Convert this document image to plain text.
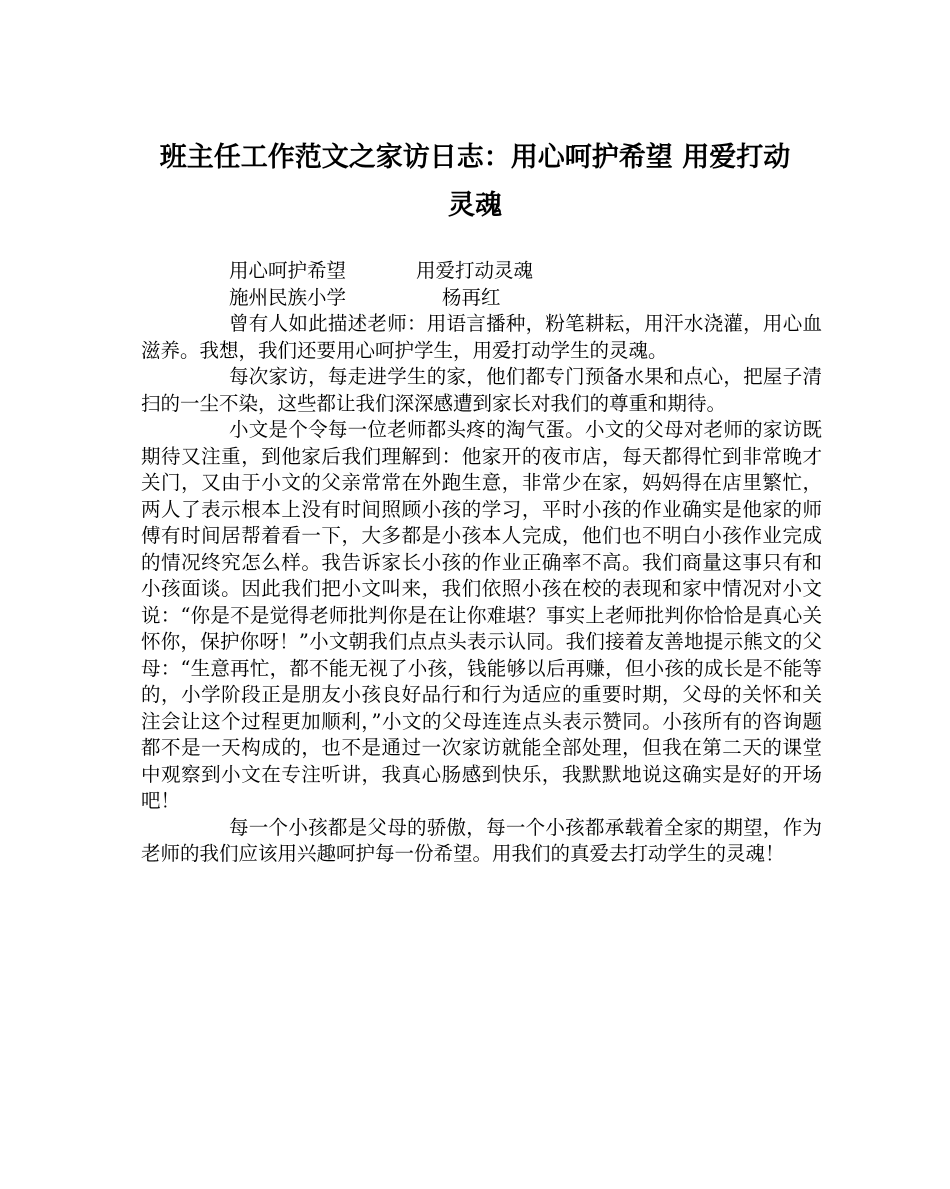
班主任工作范文之家访日志：用心呵护希望 用爱打动
灵魂

用心呵护希望	用爱打动灵魂

施州民族小学	杨再红

曾有人如此描述老师：用语言播种，粉笔耕耘，用汗水浇灌，用心血滋养。我想，我们还要用心呵护学生，用爱打动学生的灵魂。

每次家访，每走进学生的家，他们都专门预备水果和点心，把屋子清扫的一尘不染，这些都让我们深深感遭到家长对我们的尊重和期待。

小文是个令每一位老师都头疼的淘气蛋。小文的父母对老师的家访既期待又注重，到他家后我们理解到：他家开的夜市店，每天都得忙到非常晚才关门，又由于小文的父亲常常在外跑生意，非常少在家，妈妈得在店里繁忙，两人了表示根本上没有时间照顾小孩的学习，平时小孩的作业确实是他家的师傅有时间居帮着看一下，大多都是小孩本人完成，他们也不明白小孩作业完成的情况终究怎么样。我告诉家长小孩的作业正确率不高。我们商量这事只有和小孩面谈。因此我们把小文叫来，我们依照小孩在校的表现和家中情况对小文说：“你是不是觉得老师批判你是在让你难堪？事实上老师批判你恰恰是真心关怀你，保护你呀！”小文朝我们点点头表示认同。我们接着友善地提示熊文的父母：“生意再忙，都不能无视了小孩，钱能够以后再赚，但小孩的成长是不能等的，小学阶段正是朋友小孩良好品行和行为适应的重要时期，父母的关怀和关注会让这个过程更加顺利，”小文的父母连连点头表示赞同。小孩所有的咨询题都不是一天构成的，也不是通过一次家访就能全部处理，但我在第二天的课堂中观察到小文在专注听讲，我真心肠感到快乐，我默默地说这确实是好的开场吧！

每一个小孩都是父母的骄傲，每一个小孩都承载着全家的期望，作为老师的我们应该用兴趣呵护每一份希望。用我们的真爱去打动学生的灵魂！
